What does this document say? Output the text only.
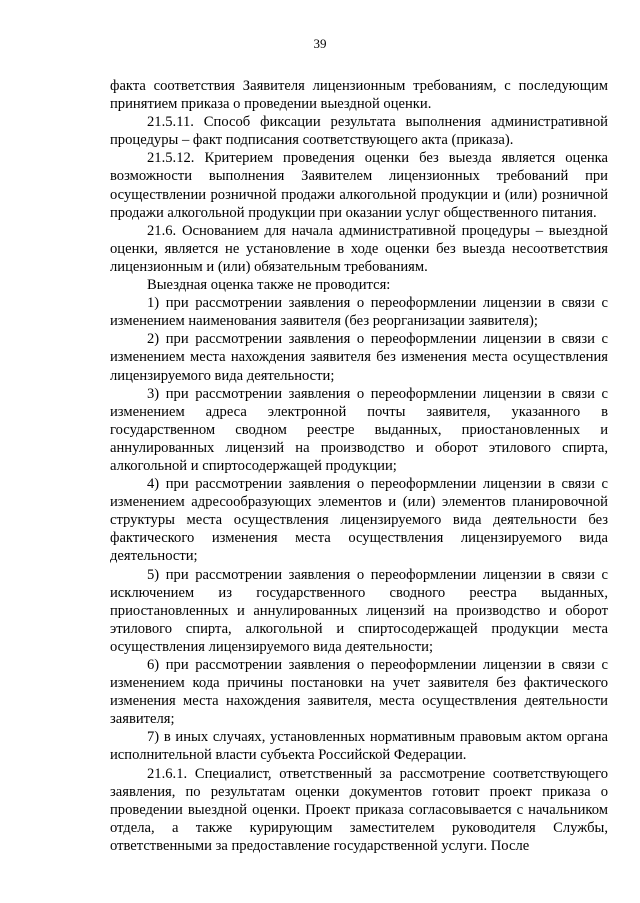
39

факта соответствия Заявителя лицензионным требованиям, с последующим принятием приказа о проведении выездной оценки.

21.5.11. Способ фиксации результата выполнения административной процедуры – факт подписания соответствующего акта (приказа).

21.5.12. Критерием проведения оценки без выезда является оценка возможности выполнения Заявителем лицензионных требований при осуществлении розничной продажи алкогольной продукции и (или) розничной продажи алкогольной продукции при оказании услуг общественного питания.

21.6. Основанием для начала административной процедуры – выездной оценки, является не установление в ходе оценки без выезда несоответствия лицензионным и (или) обязательным требованиям.

Выездная оценка также не проводится:

1) при рассмотрении заявления о переоформлении лицензии в связи с изменением наименования заявителя (без реорганизации заявителя);

2) при рассмотрении заявления о переоформлении лицензии в связи с изменением места нахождения заявителя без изменения места осуществления лицензируемого вида деятельности;

3) при рассмотрении заявления о переоформлении лицензии в связи с изменением адреса электронной почты заявителя, указанного в государственном сводном реестре выданных, приостановленных и аннулированных лицензий на производство и оборот этилового спирта, алкогольной и спиртосодержащей продукции;

4) при рассмотрении заявления о переоформлении лицензии в связи с изменением адресообразующих элементов и (или) элементов планировочной структуры места осуществления лицензируемого вида деятельности без фактического изменения места осуществления лицензируемого вида деятельности;

5) при рассмотрении заявления о переоформлении лицензии в связи с исключением из государственного сводного реестра выданных, приостановленных и аннулированных лицензий на производство и оборот этилового спирта, алкогольной и спиртосодержащей продукции места осуществления лицензируемого вида деятельности;

6) при рассмотрении заявления о переоформлении лицензии в связи с изменением кода причины постановки на учет заявителя без фактического изменения места нахождения заявителя, места осуществления деятельности заявителя;

7) в иных случаях, установленных нормативным правовым актом органа исполнительной власти субъекта Российской Федерации.

21.6.1. Специалист, ответственный за рассмотрение соответствующего заявления, по результатам оценки документов готовит проект приказа о проведении выездной оценки. Проект приказа согласовывается с начальником отдела, а также курирующим заместителем руководителя Службы, ответственными за предоставление государственной услуги. После
